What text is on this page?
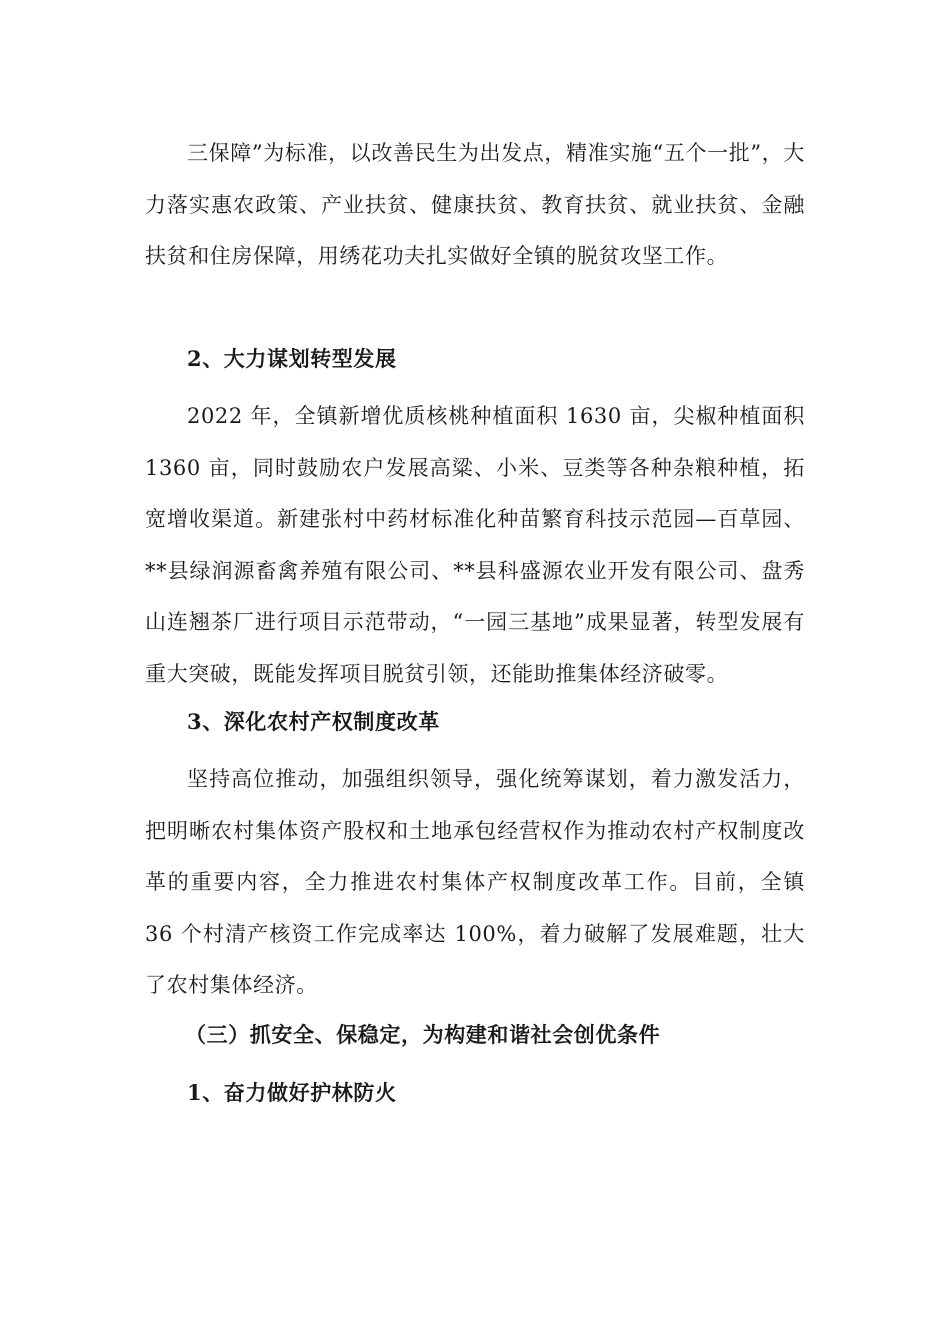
三保障”为标准，以改善民生为出发点，精准实施“五个一批”，大力落实惠农政策、产业扶贫、健康扶贫、教育扶贫、就业扶贫、金融扶贫和住房保障，用绣花功夫扎实做好全镇的脱贫攻坚工作。

2、大力谋划转型发展

2022 年，全镇新增优质核桃种植面积 1630 亩，尖椒种植面积 1360 亩，同时鼓励农户发展高粱、小米、豆类等各种杂粮种植，拓宽增收渠道。新建张村中药材标准化种苗繁育科技示范园—百草园、**县绿润源畜禽养殖有限公司、**县科盛源农业开发有限公司、盘秀山连翘茶厂进行项目示范带动，“一园三基地”成果显著，转型发展有重大突破，既能发挥项目脱贫引领，还能助推集体经济破零。

3、深化农村产权制度改革

坚持高位推动，加强组织领导，强化统筹谋划，着力激发活力，把明晰农村集体资产股权和土地承包经营权作为推动农村产权制度改革的重要内容，全力推进农村集体产权制度改革工作。目前，全镇 36 个村清产核资工作完成率达 100%，着力破解了发展难题，壮大了农村集体经济。

（三）抓安全、保稳定，为构建和谐社会创优条件
1、奋力做好护林防火
